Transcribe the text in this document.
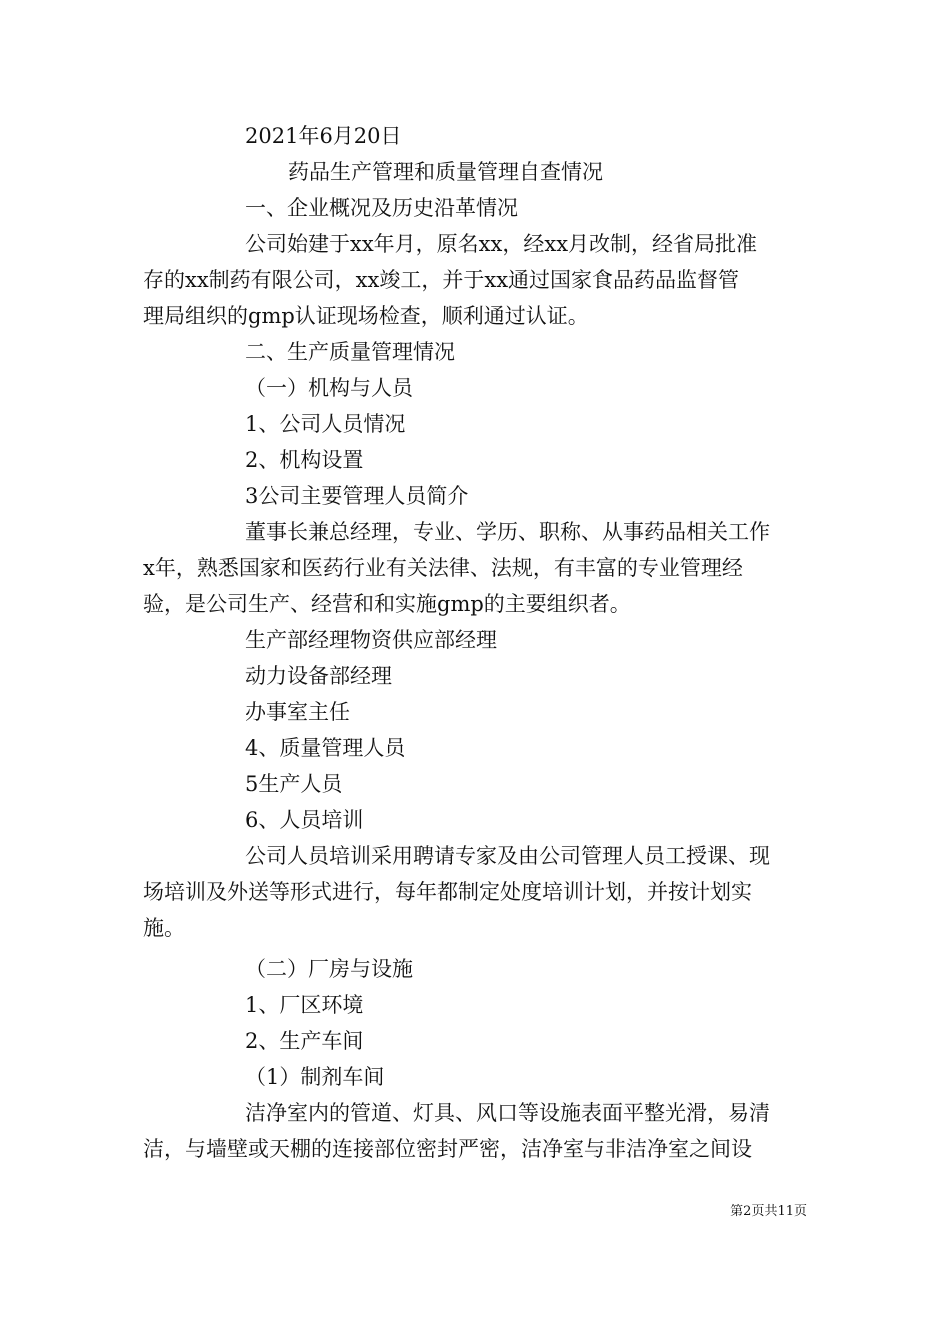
2021年6月20日
药品生产管理和质量管理自查情况
一、企业概况及历史沿革情况
公司始建于xx年月，原名xx，经xx月改制，经省局批准
存的xx制药有限公司，xx竣工，并于xx通过国家食品药品监督管
理局组织的gmp认证现场检查，顺利通过认证。
二、生产质量管理情况
（一）机构与人员
1、公司人员情况
2、机构设置
3公司主要管理人员简介
董事长兼总经理，专业、学历、职称、从事药品相关工作
x年，熟悉国家和医药行业有关法律、法规，有丰富的专业管理经
验，是公司生产、经营和和实施gmp的主要组织者。
生产部经理物资供应部经理
动力设备部经理
办事室主任
4、质量管理人员
5生产人员
6、人员培训
公司人员培训采用聘请专家及由公司管理人员工授课、现
场培训及外送等形式进行，每年都制定处度培训计划，并按计划实
施。
（二）厂房与设施
1、厂区环境
2、生产车间
（1）制剂车间
洁净室内的管道、灯具、风口等设施表面平整光滑，易清
洁，与墙壁或天棚的连接部位密封严密，洁净室与非洁净室之间设
第2页共11页
